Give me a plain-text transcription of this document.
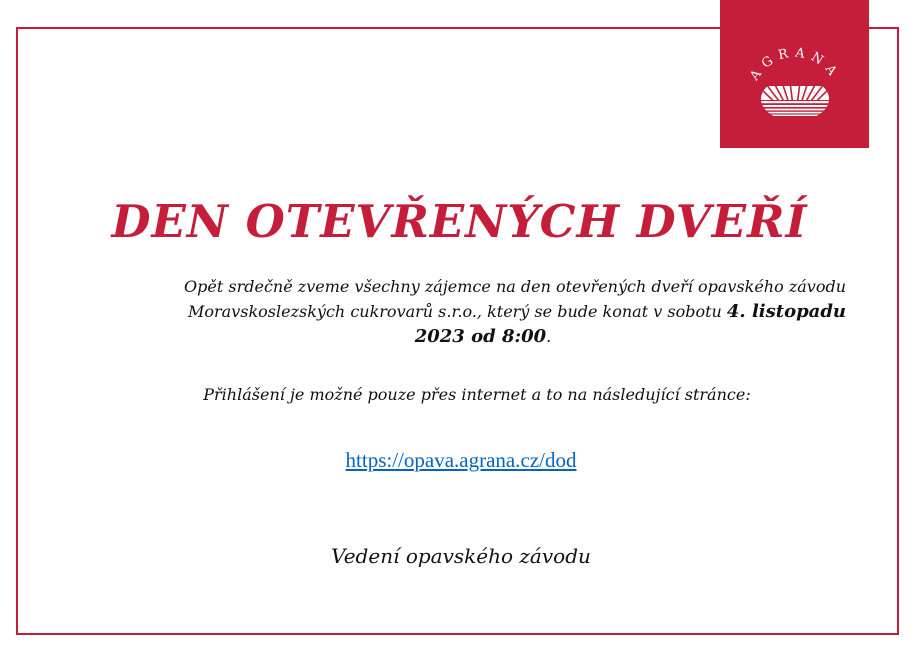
AGRANA
DEN OTEVŘENÝCH DVEŘÍ
Opět srdečně zveme všechny zájemce na den otevřených dveří opavského závodu
Moravskoslezských cukrovarů s.r.o., který se bude konat v sobotu 4. listopadu
2023 od 8:00.
Přihlášení je možné pouze přes internet a to na následující stránce:
https://opava.agrana.cz/dod
Vedení opavského závodu
